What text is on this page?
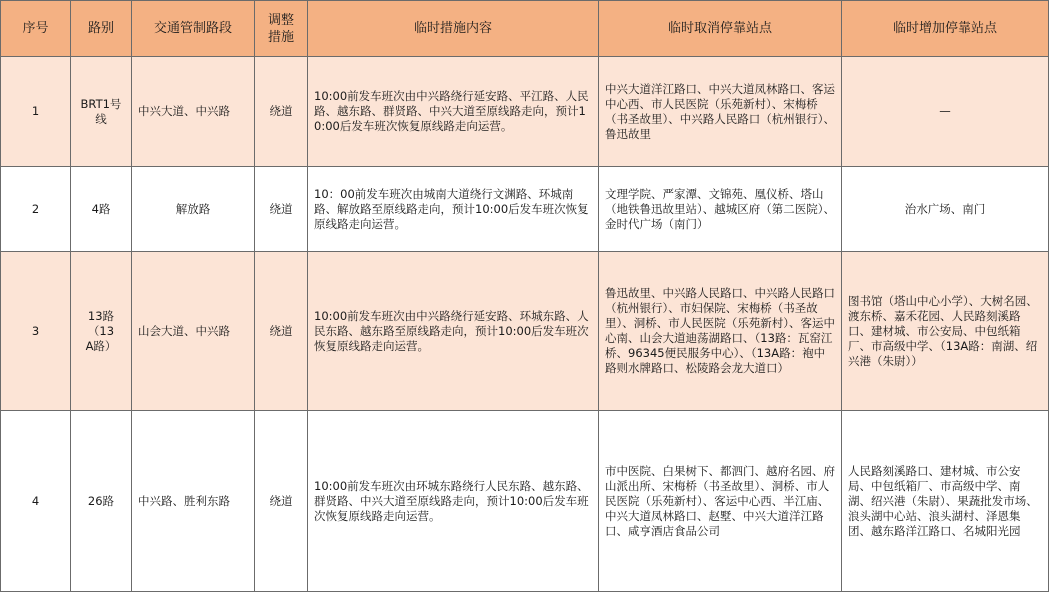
序号	路别	交通管制路段	调整措施	临时措施内容	临时取消停靠站点	临时增加停靠站点
1	BRT1号线	中兴大道、中兴路	绕道	10:00前发车班次由中兴路绕行延安路、平江路、人民路、越东路、群贤路、中兴大道至原线路走向，预计10:00后发车班次恢复原线路走向运营。	中兴大道洋江路口、中兴大道凤林路口、客运中心西、市人民医院（乐苑新村）、宋梅桥（书圣故里）、中兴路人民路口（杭州银行）、鲁迅故里	—
2	4路	解放路	绕道	10：00前发车班次由城南大道绕行文渊路、环城南路、解放路至原线路走向，预计10:00后发车班次恢复原线路走向运营。	文理学院、严家潭、文锦苑、凰仪桥、塔山（地铁鲁迅故里站）、越城区府（第二医院）、金时代广场（南门）	治水广场、南门
3	13路（13A路）	山会大道、中兴路	绕道	10:00前发车班次由中兴路绕行延安路、环城东路、人民东路、越东路至原线路走向，预计10:00后发车班次恢复原线路走向运营。	鲁迅故里、中兴路人民路口、中兴路人民路口（杭州银行）、市妇保院、宋梅桥（书圣故里）、洞桥、市人民医院（乐苑新村）、客运中心南、山会大道迪荡湖路口、（13路：瓦窑江桥、96345便民服务中心）、（13A路：袍中路则水牌路口、松陵路会龙大道口）	图书馆（塔山中心小学）、大树名园、渡东桥、嘉禾花园、人民路刻溪路口、建材城、市公安局、中包纸箱厂、市高级中学、（13A路：南湖、绍兴港（朱尉））
4	26路	中兴路、胜利东路	绕道	10:00前发车班次由环城东路绕行人民东路、越东路、群贤路、中兴大道至原线路走向，预计10:00后发车班次恢复原线路走向运营。	市中医院、白果树下、都泗门、越府名园、府山派出所、宋梅桥（书圣故里）、洞桥、市人民医院（乐苑新村）、客运中心西、半江庙、中兴大道凤林路口、赵墅、中兴大道洋江路口、咸亨酒店食品公司	人民路刻溪路口、建材城、市公安局、中包纸箱厂、市高级中学、南湖、绍兴港（朱尉）、果蔬批发市场、浪头湖中心站、浪头湖村、泽恩集团、越东路洋江路口、名城阳光园
